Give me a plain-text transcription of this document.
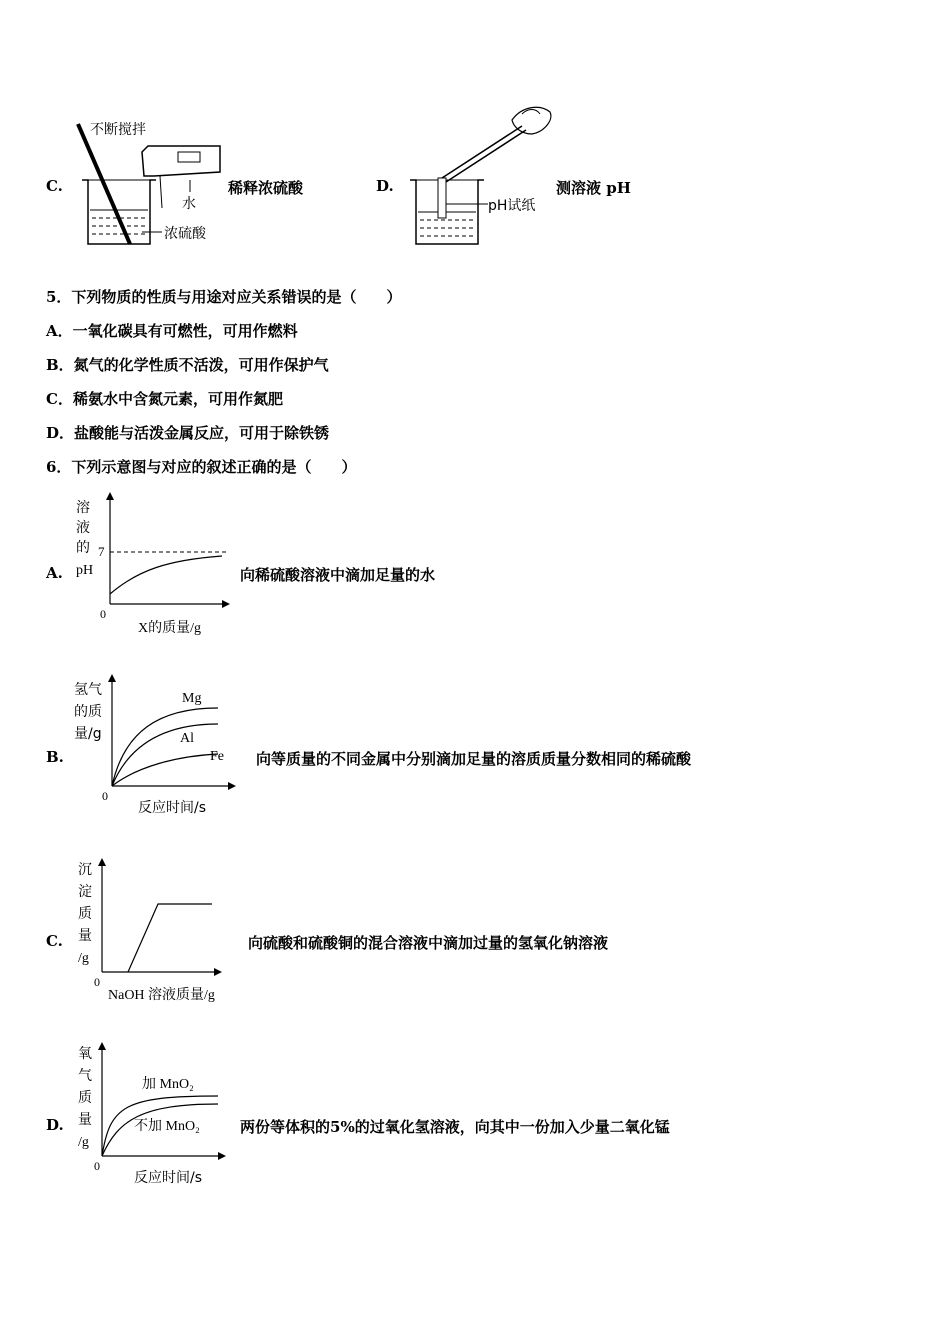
C.
不断搅拌
水
浓硫酸
稀释浓硫酸	D.
pH试纸
测溶液 pH
5．下列物质的性质与用途对应关系错误的是（　　）
A．一氧化碳具有可燃性，可用作燃料
B．氮气的化学性质不活泼，可用作保护气
C．稀氨水中含氮元素，可用作氮肥
D．盐酸能与活泼金属反应，可用于除铁锈
6．下列示意图与对应的叙述正确的是（　　）
A.
溶
液
的
pH
7
0
X的质量/g
向稀硫酸溶液中滴加足量的水
B.
Mg
Al
Fe
氢气
的质
量/g
0
反应时间/s
向等质量的不同金属中分别滴加足量的溶质质量分数相同的稀硫酸
C.
沉
淀
质
量
/g
0
NaOH 溶液质量/g
向硫酸和硫酸铜的混合溶液中滴加过量的氢氧化钠溶液
D.
加 MnO₂
不加 MnO₂
氧
气
质
量
/g
0
反应时间/s
两份等体积的5%的过氧化氢溶液，向其中一份加入少量二氧化锰
